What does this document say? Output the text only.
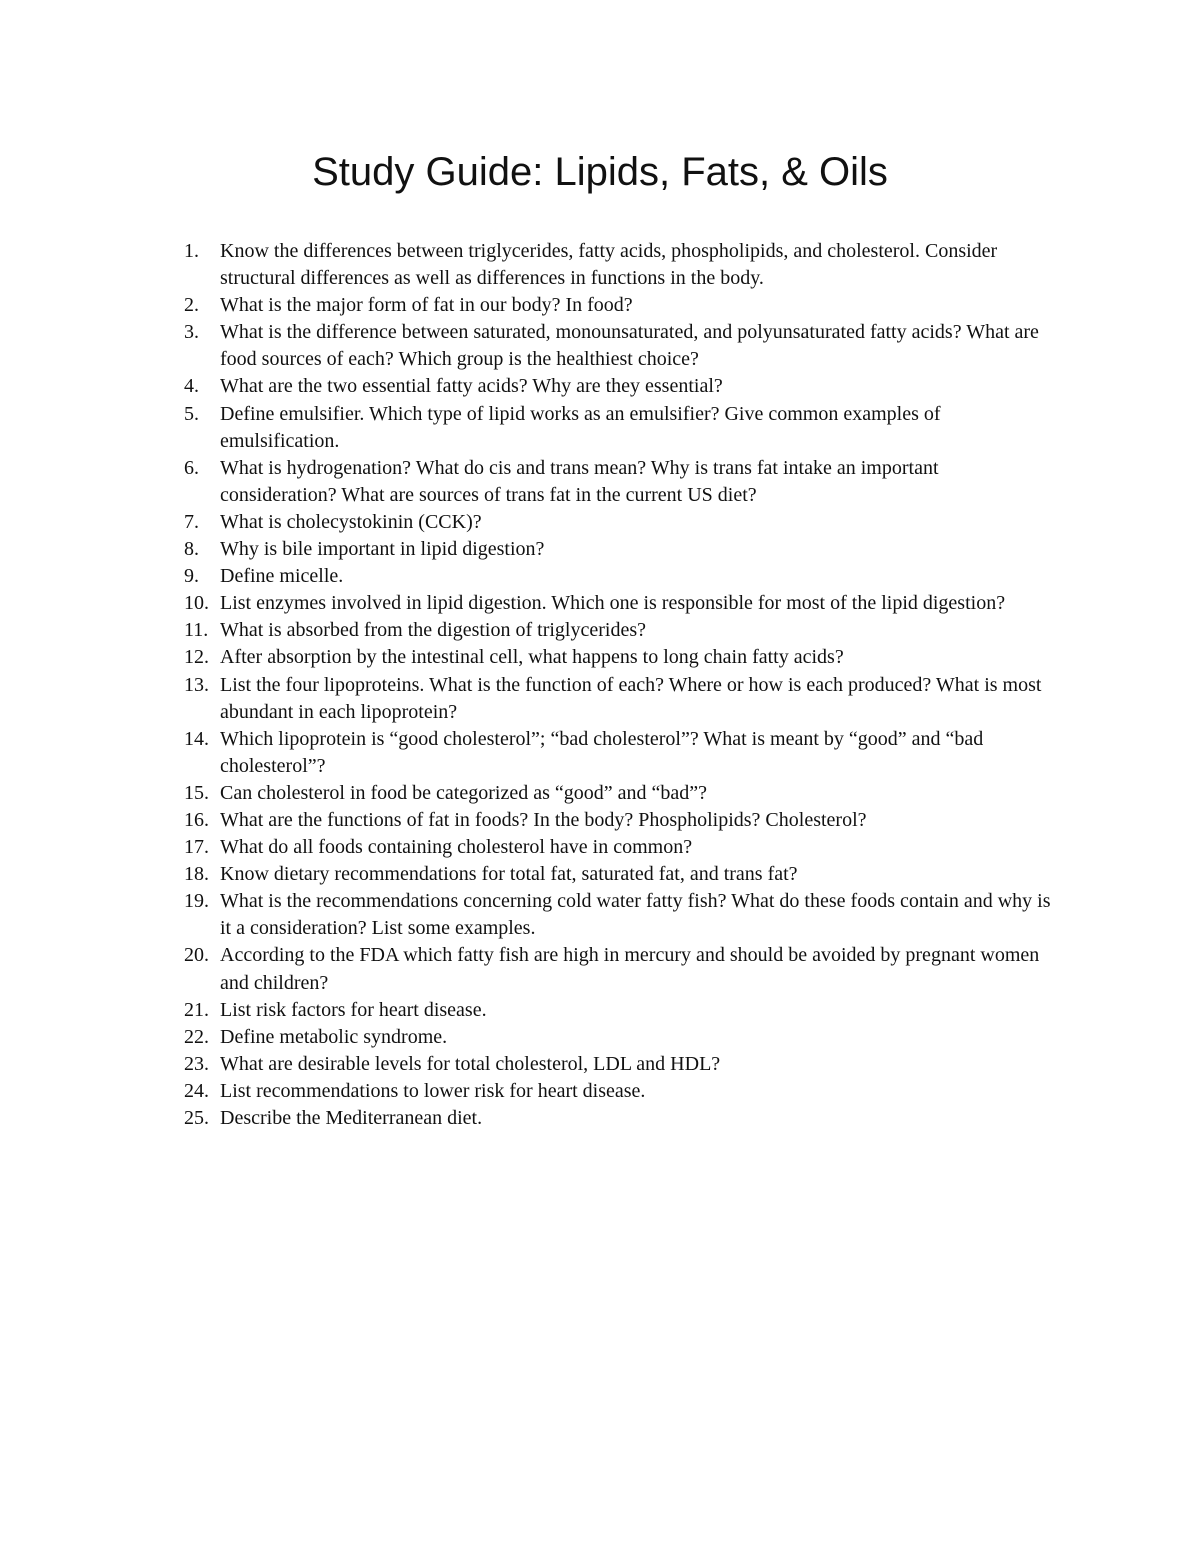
Study Guide: Lipids, Fats, & Oils
1.	Know the differences between triglycerides, fatty acids, phospholipids, and cholesterol. Consider structural differences as well as differences in functions in the body.
2.	What is the major form of fat in our body? In food?
3.	What is the difference between saturated, monounsaturated, and polyunsaturated fatty acids? What are food sources of each? Which group is the healthiest choice?
4.	What are the two essential fatty acids? Why are they essential?
5.	Define emulsifier. Which type of lipid works as an emulsifier? Give common examples of emulsification.
6.	What is hydrogenation? What do cis and trans mean? Why is trans fat intake an important consideration? What are sources of trans fat in the current US diet?
7.	What is cholecystokinin (CCK)?
8.	Why is bile important in lipid digestion?
9.	Define micelle.
10. List enzymes involved in lipid digestion. Which one is responsible for most of the lipid digestion?
11. What is absorbed from the digestion of triglycerides?
12. After absorption by the intestinal cell, what happens to long chain fatty acids?
13. List the four lipoproteins. What is the function of each? Where or how is each produced? What is most abundant in each lipoprotein?
14. Which lipoprotein is “good cholesterol”; “bad cholesterol”? What is meant by “good” and “bad cholesterol”?
15. Can cholesterol in food be categorized as “good” and “bad”?
16. What are the functions of fat in foods? In the body? Phospholipids? Cholesterol?
17. What do all foods containing cholesterol have in common?
18. Know dietary recommendations for total fat, saturated fat, and trans fat?
19. What is the recommendations concerning cold water fatty fish? What do these foods contain and why is it a consideration? List some examples.
20. According to the FDA which fatty fish are high in mercury and should be avoided by pregnant women and children?
21. List risk factors for heart disease.
22. Define metabolic syndrome.
23. What are desirable levels for total cholesterol, LDL and HDL?
24. List recommendations to lower risk for heart disease.
25. Describe the Mediterranean diet.
